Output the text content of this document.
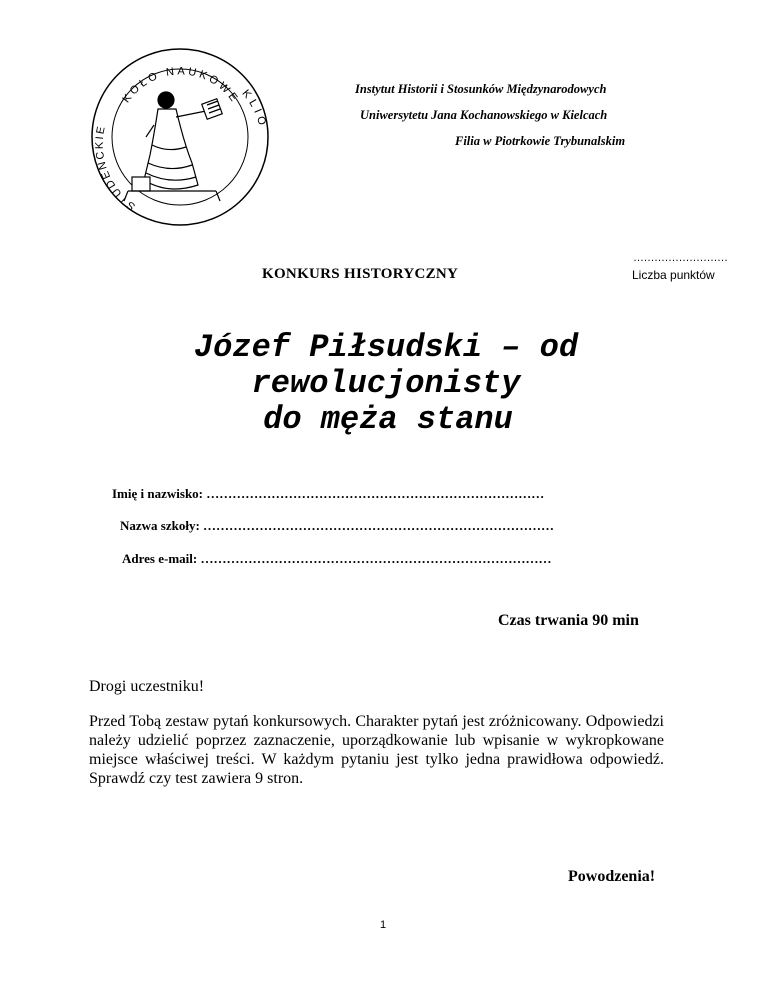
KOŁO NAUKOWE
STUDENCKIE
KLIO
Instytut Historii i Stosunków Międzynarodowych
Uniwersytetu Jana Kochanowskiego w Kielcach
Filia w Piotrkowie Trybunalskim
KONKURS HISTORYCZNY
………………………
Liczba punktów
Józef Piłsudski – od
rewolucjonisty
do męża stanu
Imię i nazwisko: ……………………………………………………………………
Nazwa szkoły: ………………………………………………………………………
Adres e-mail: ………………………………………………………………………
Czas trwania 90 min
Drogi uczestniku!
Przed Tobą zestaw pytań konkursowych. Charakter pytań jest zróżnicowany. Odpowiedzi należy udzielić poprzez zaznaczenie, uporządkowanie lub wpisanie w wykropkowane miejsce właściwej treści. W każdym pytaniu jest tylko jedna prawidłowa odpowiedź. Sprawdź czy test zawiera 9 stron.
Powodzenia!
1
